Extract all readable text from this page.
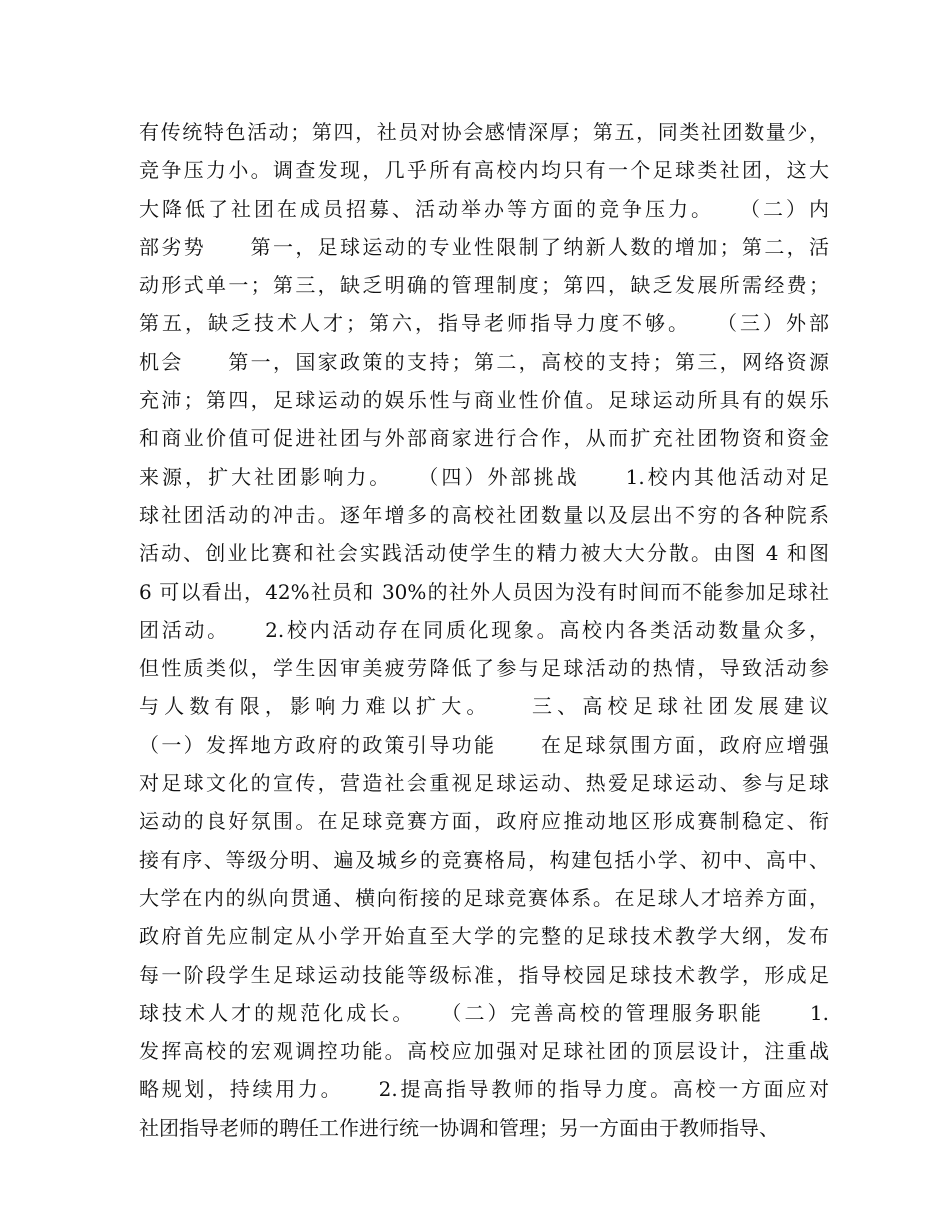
有传统特色活动；第四，社员对协会感情深厚；第五，同类社团数量少，
竞争压力小。调查发现，几乎所有高校内均只有一个足球类社团，这大
大降低了社团在成员招募、活动举办等方面的竞争压力。　　（二）内
部劣势　　第一，足球运动的专业性限制了纳新人数的增加；第二，活
动形式单一；第三，缺乏明确的管理制度；第四，缺乏发展所需经费；
第五，缺乏技术人才；第六，指导老师指导力度不够。　　（三）外部
机会　　第一，国家政策的支持；第二，高校的支持；第三，网络资源
充沛；第四，足球运动的娱乐性与商业性价值。足球运动所具有的娱乐
和商业价值可促进社团与外部商家进行合作，从而扩充社团物资和资金
来源，扩大社团影响力。　　（四）外部挑战　　1.校内其他活动对足
球社团活动的冲击。逐年增多的高校社团数量以及层出不穷的各种院系
活动、创业比赛和社会实践活动使学生的精力被大大分散。由图 4 和图
6 可以看出，42%社员和 30%的社外人员因为没有时间而不能参加足球社
团活动。　　2.校内活动存在同质化现象。高校内各类活动数量众多，
但性质类似，学生因审美疲劳降低了参与足球活动的热情，导致活动参
与人数有限，影响力难以扩大。　　三、高校足球社团发展建议
（一）发挥地方政府的政策引导功能　　在足球氛围方面，政府应增强
对足球文化的宣传，营造社会重视足球运动、热爱足球运动、参与足球
运动的良好氛围。在足球竞赛方面，政府应推动地区形成赛制稳定、衔
接有序、等级分明、遍及城乡的竞赛格局，构建包括小学、初中、高中、
大学在内的纵向贯通、横向衔接的足球竞赛体系。在足球人才培养方面，
政府首先应制定从小学开始直至大学的完整的足球技术教学大纲，发布
每一阶段学生足球运动技能等级标准，指导校园足球技术教学，形成足
球技术人才的规范化成长。　　（二）完善高校的管理服务职能　　1.
发挥高校的宏观调控功能。高校应加强对足球社团的顶层设计，注重战
略规划，持续用力。　　2.提高指导教师的指导力度。高校一方面应对
社团指导老师的聘任工作进行统一协调和管理；另一方面由于教师指导、
